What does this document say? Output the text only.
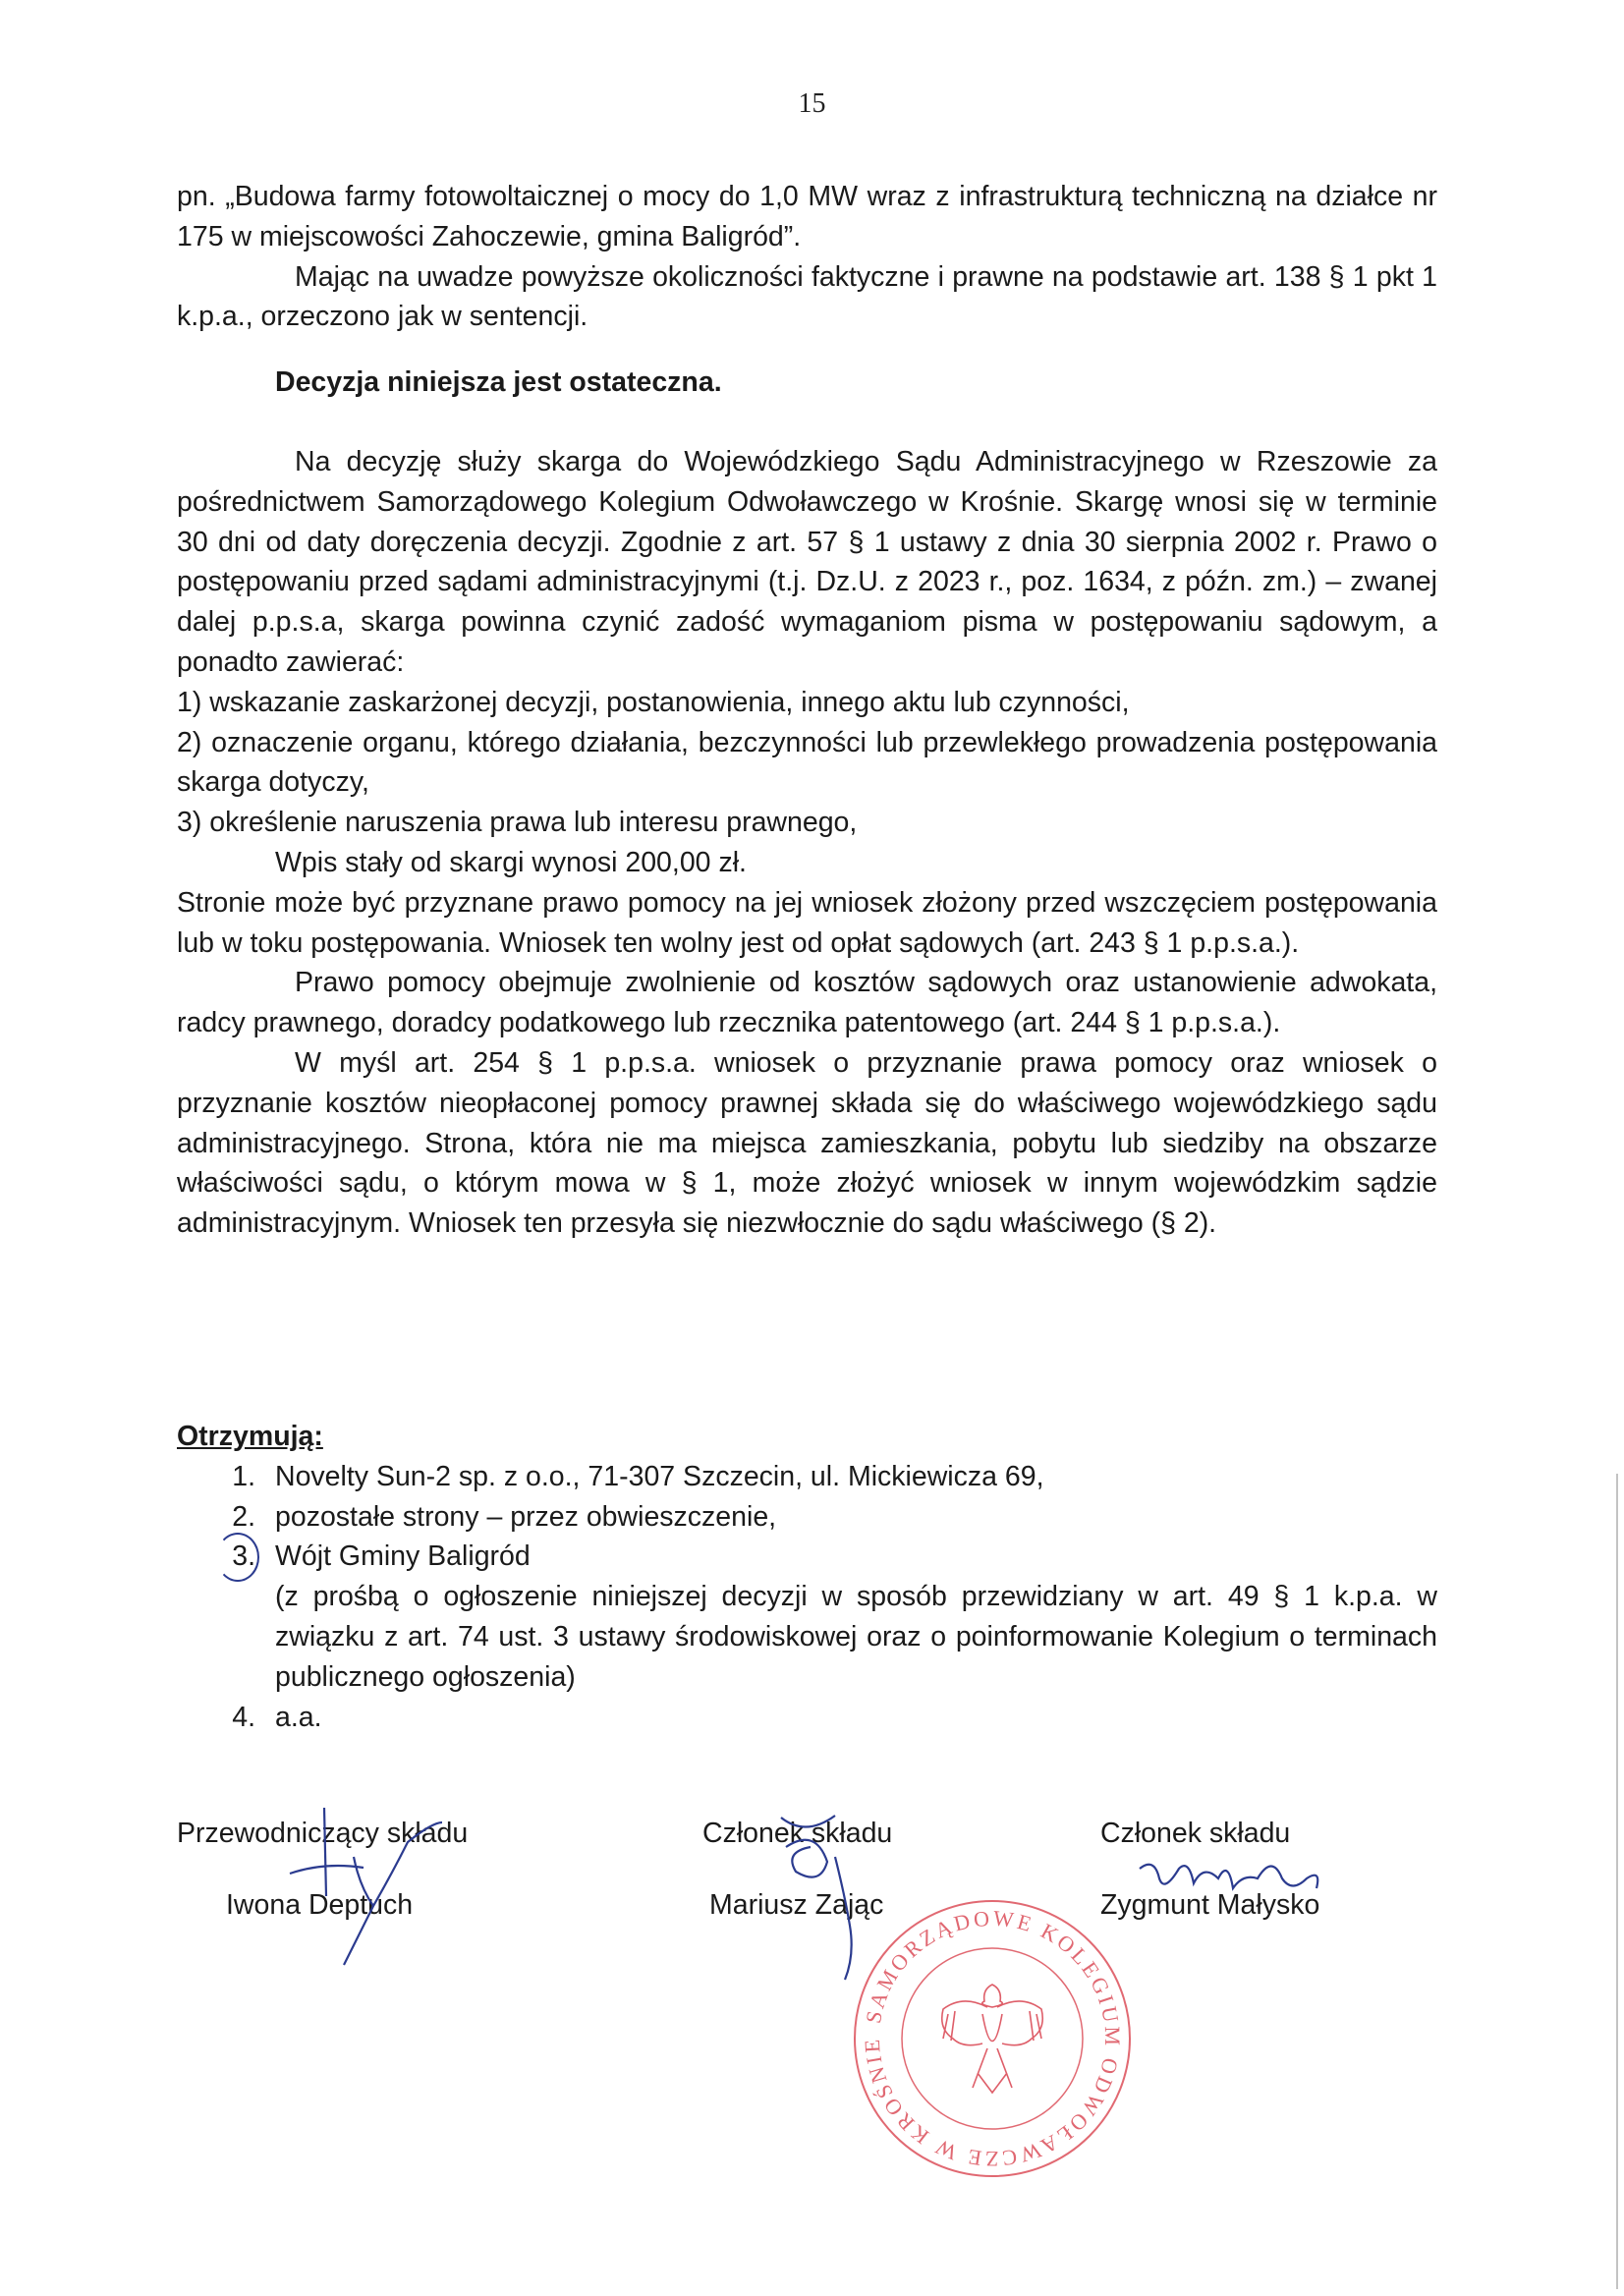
15

pn. „Budowa farmy fotowoltaicznej o mocy do 1,0 MW wraz z infrastrukturą techniczną na działce nr 175 w miejscowości Zahoczewie, gmina Baligród”.

Mając na uwadze powyższe okoliczności faktyczne i prawne na podstawie art. 138 § 1 pkt 1 k.p.a., orzeczono jak w sentencji.

Decyzja niniejsza jest ostateczna.

Na decyzję służy skarga do Wojewódzkiego Sądu Administracyjnego w Rzeszowie za pośrednictwem Samorządowego Kolegium Odwoławczego w Krośnie. Skargę wnosi się w terminie 30 dni od daty doręczenia decyzji. Zgodnie z art. 57 § 1 ustawy z dnia 30 sierpnia 2002 r. Prawo o postępowaniu przed sądami administracyjnymi (t.j. Dz.U. z 2023 r., poz. 1634, z późn. zm.) – zwanej dalej p.p.s.a, skarga powinna czynić zadość wymaganiom pisma w postępowaniu sądowym, a ponadto zawierać:

1) wskazanie zaskarżonej decyzji, postanowienia, innego aktu lub czynności,

2) oznaczenie organu, którego działania, bezczynności lub przewlekłego prowadzenia postępowania skarga dotyczy,

3) określenie naruszenia prawa lub interesu prawnego,

Wpis stały od skargi wynosi 200,00 zł.

Stronie może być przyznane prawo pomocy na jej wniosek złożony przed wszczęciem postępowania lub w toku postępowania. Wniosek ten wolny jest od opłat sądowych (art. 243 § 1 p.p.s.a.).

Prawo pomocy obejmuje zwolnienie od kosztów sądowych oraz ustanowienie adwokata, radcy prawnego, doradcy podatkowego lub rzecznika patentowego (art. 244 § 1 p.p.s.a.).

W myśl art. 254 § 1 p.p.s.a. wniosek o przyznanie prawa pomocy oraz wniosek o przyznanie kosztów nieopłaconej pomocy prawnej składa się do właściwego wojewódzkiego sądu administracyjnego. Strona, która nie ma miejsca zamieszkania, pobytu lub siedziby na obszarze właściwości sądu, o którym mowa w § 1, może złożyć wniosek w innym wojewódzkim sądzie administracyjnym. Wniosek ten przesyła się niezwłocznie do sądu właściwego (§ 2).

Otrzymują:

1. Novelty Sun-2 sp. z o.o., 71-307 Szczecin, ul. Mickiewicza 69,
2. pozostałe strony – przez obwieszczenie,
3. Wójt Gminy Baligród
(z prośbą o ogłoszenie niniejszej decyzji w sposób przewidziany w art. 49 § 1 k.p.a. w związku z art. 74 ust. 3 ustawy środowiskowej oraz o poinformowanie Kolegium o terminach publicznego ogłoszenia)
4. a.a.
Przewodniczący składu
Iwona Deptuch
Członek składu
Mariusz Zając
Członek składu
Zygmunt Małysko
SAMORZĄDOWE KOLEGIUM ODWOŁAWCZE W KROŚNIE
